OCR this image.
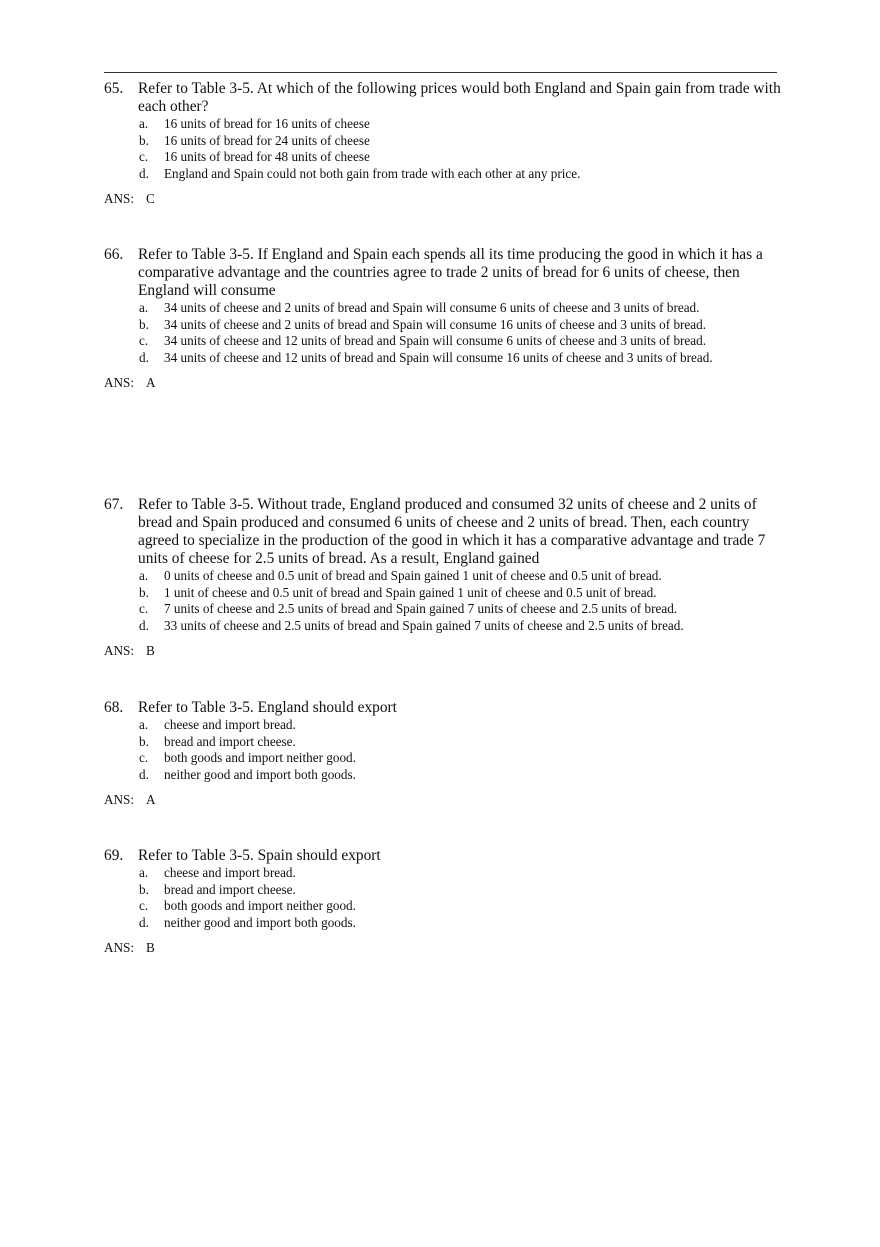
65. Refer to Table 3-5. At which of the following prices would both England and Spain gain from trade with each other?
a. 16 units of bread for 16 units of cheese
b. 16 units of bread for 24 units of cheese
c. 16 units of bread for 48 units of cheese
d. England and Spain could not both gain from trade with each other at any price.
ANS: C
66. Refer to Table 3-5. If England and Spain each spends all its time producing the good in which it has a comparative advantage and the countries agree to trade 2 units of bread for 6 units of cheese, then England will consume
a. 34 units of cheese and 2 units of bread and Spain will consume 6 units of cheese and 3 units of bread.
b. 34 units of cheese and 2 units of bread and Spain will consume 16 units of cheese and 3 units of bread.
c. 34 units of cheese and 12 units of bread and Spain will consume 6 units of cheese and 3 units of bread.
d. 34 units of cheese and 12 units of bread and Spain will consume 16 units of cheese and 3 units of bread.
ANS: A
67. Refer to Table 3-5. Without trade, England produced and consumed 32 units of cheese and 2 units of bread and Spain produced and consumed 6 units of cheese and 2 units of bread. Then, each country agreed to specialize in the production of the good in which it has a comparative advantage and trade 7 units of cheese for 2.5 units of bread. As a result, England gained
a. 0 units of cheese and 0.5 unit of bread and Spain gained 1 unit of cheese and 0.5 unit of bread.
b. 1 unit of cheese and 0.5 unit of bread and Spain gained 1 unit of cheese and 0.5 unit of bread.
c. 7 units of cheese and 2.5 units of bread and Spain gained 7 units of cheese and 2.5 units of bread.
d. 33 units of cheese and 2.5 units of bread and Spain gained 7 units of cheese and 2.5 units of bread.
ANS: B
68. Refer to Table 3-5. England should export
a. cheese and import bread.
b. bread and import cheese.
c. both goods and import neither good.
d. neither good and import both goods.
ANS: A
69. Refer to Table 3-5. Spain should export
a. cheese and import bread.
b. bread and import cheese.
c. both goods and import neither good.
d. neither good and import both goods.
ANS: B
